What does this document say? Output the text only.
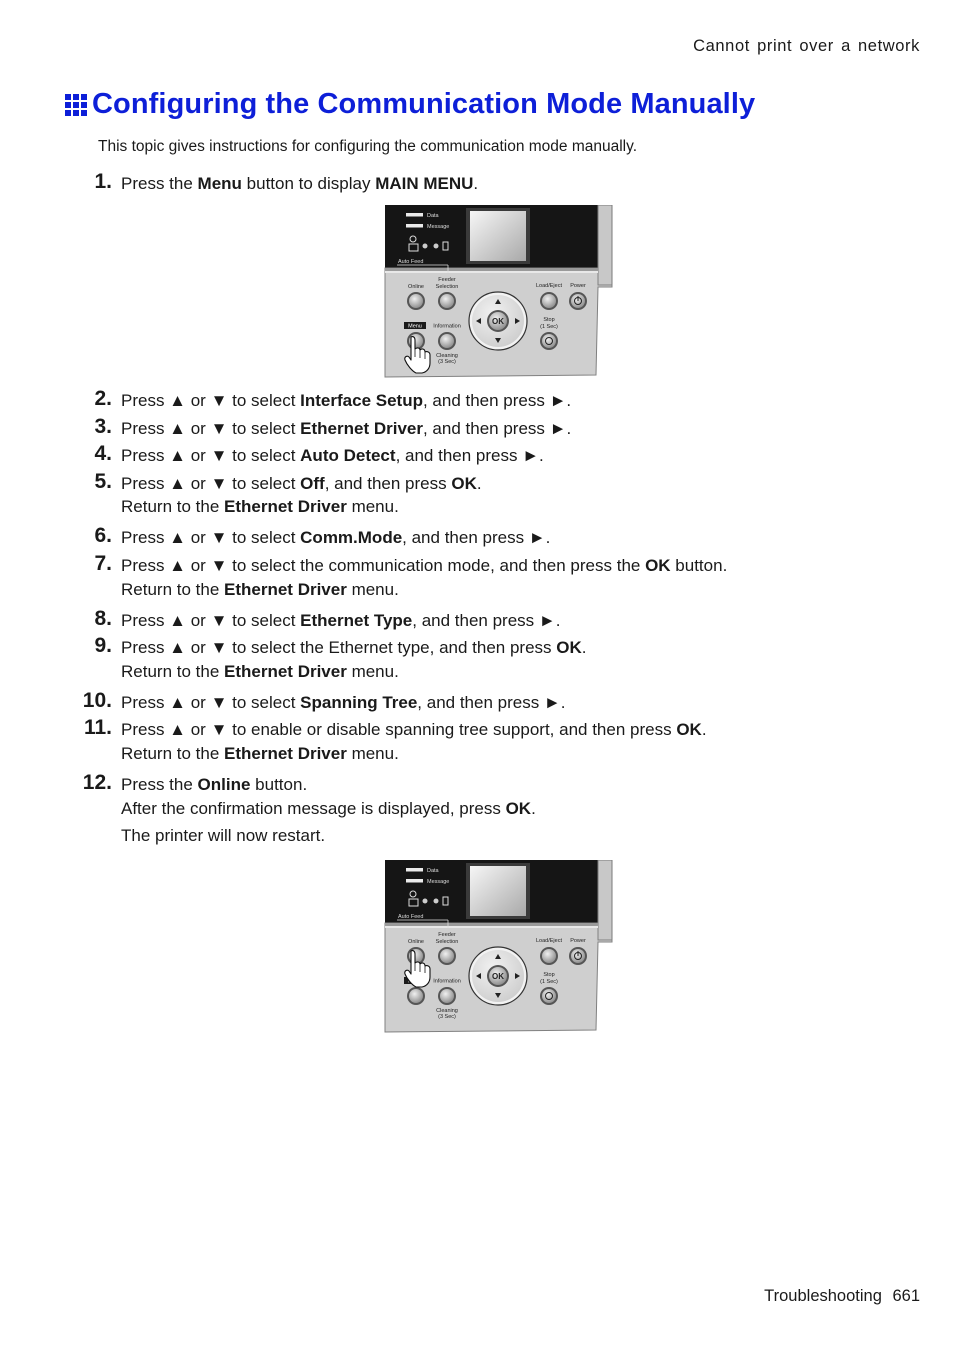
Cannot print over a network
Configuring the Communication Mode Manually
This topic gives instructions for configuring the communication mode manually.
1. Press the Menu button to display MAIN MENU.
2. Press ▲ or ▼ to select Interface Setup, and then press ►.
3. Press ▲ or ▼ to select Ethernet Driver, and then press ►.
4. Press ▲ or ▼ to select Auto Detect, and then press ►.
5. Press ▲ or ▼ to select Off, and then press OK.
Return to the Ethernet Driver menu.
6. Press ▲ or ▼ to select Comm.Mode, and then press ►.
7. Press ▲ or ▼ to select the communication mode, and then press the OK button.
Return to the Ethernet Driver menu.
8. Press ▲ or ▼ to select Ethernet Type, and then press ►.
9. Press ▲ or ▼ to select the Ethernet type, and then press OK.
Return to the Ethernet Driver menu.
10. Press ▲ or ▼ to select Spanning Tree, and then press ►.
11. Press ▲ or ▼ to enable or disable spanning tree support, and then press OK.
Return to the Ethernet Driver menu.
12. Press the Online button.
After the confirmation message is displayed, press OK.
The printer will now restart.
Data
Message
Auto Feed
Online
Feeder
Selection	Load/Eject Power
Menu Information
Cleaning
(3 Sec)
OK	Stop
(1 Sec)
Data
Message
Auto Feed
Online
Feeder
Selection	Load/Eject Power
Information
Cleaning
(3 Sec)
OK	Stop
(1 Sec)
Troubleshooting 661
